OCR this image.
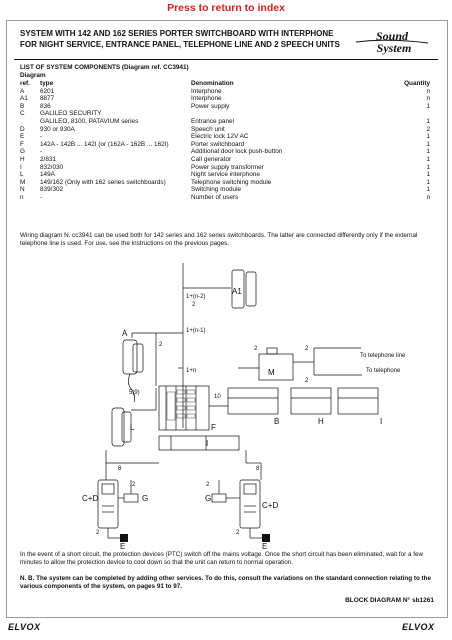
Press to return to index
SYSTEM WITH 142 AND 162 SERIES PORTER SWITCHBOARD WITH INTERPHONE
FOR NIGHT SERVICE, ENTRANCE PANEL, TELEPHONE LINE AND 2 SPEECH UNITS
Sound
System
LIST OF SYSTEM COMPONENTS (Diagram ref. CC3941)
Diagram
ref.	type	Denomination	Quantity
A	6201	Interphone	n
A1	8877	Interphone	n
B	836	Power supply	1
C	GALILEO SECURITY		
	GALILEO, 8100, PATAVIUM series	Entrance panel	1
D	930 or 930A	Speech unit	2
E	-	Electric lock 12V AC	1
F	142A - 142B ... 142I (or (162A - 162B ... 162I)	Porter switchboard	1
G	-	Additional door lock push-button	1
H	2/831	Call generator	1
I	832/030	Power supply transformer	1
L	149A	Night service interphone	1
M	149/162 (Only with 162 series switchboards)	Telephone switching module	1
N	839/302	Switching module	1
n	-	Number of users	n
Wiring diagram N. cc3941 can be used both for 142 series and 162 series switchboards. The latter are connected differently only if the external telephone line is used. For use, see the instructions on the previous pages.
1+(n-2)
2
1+(n-1)
1+n
2
2	2
2
5(9)
10
8	8
2	2
2	2
To telephone line
To telephone
A1
A
L	F
B	H	I
I
M
G	G
C+D
C+D
E	E
In the event of a short circuit, the protection devices (PTC) switch off the mains voltage. Once the short circuit has been eliminated, wait for a few minutes to allow the protection device to cool down so that the unit can return to normal operation.
N. B. The system can be completed by adding other services. To do this, consult the variations on the standard connection relating to the various components of the system, on pages 91 to 97.
BLOCK DIAGRAM N° sb1261
ELVOX	ELVOX
